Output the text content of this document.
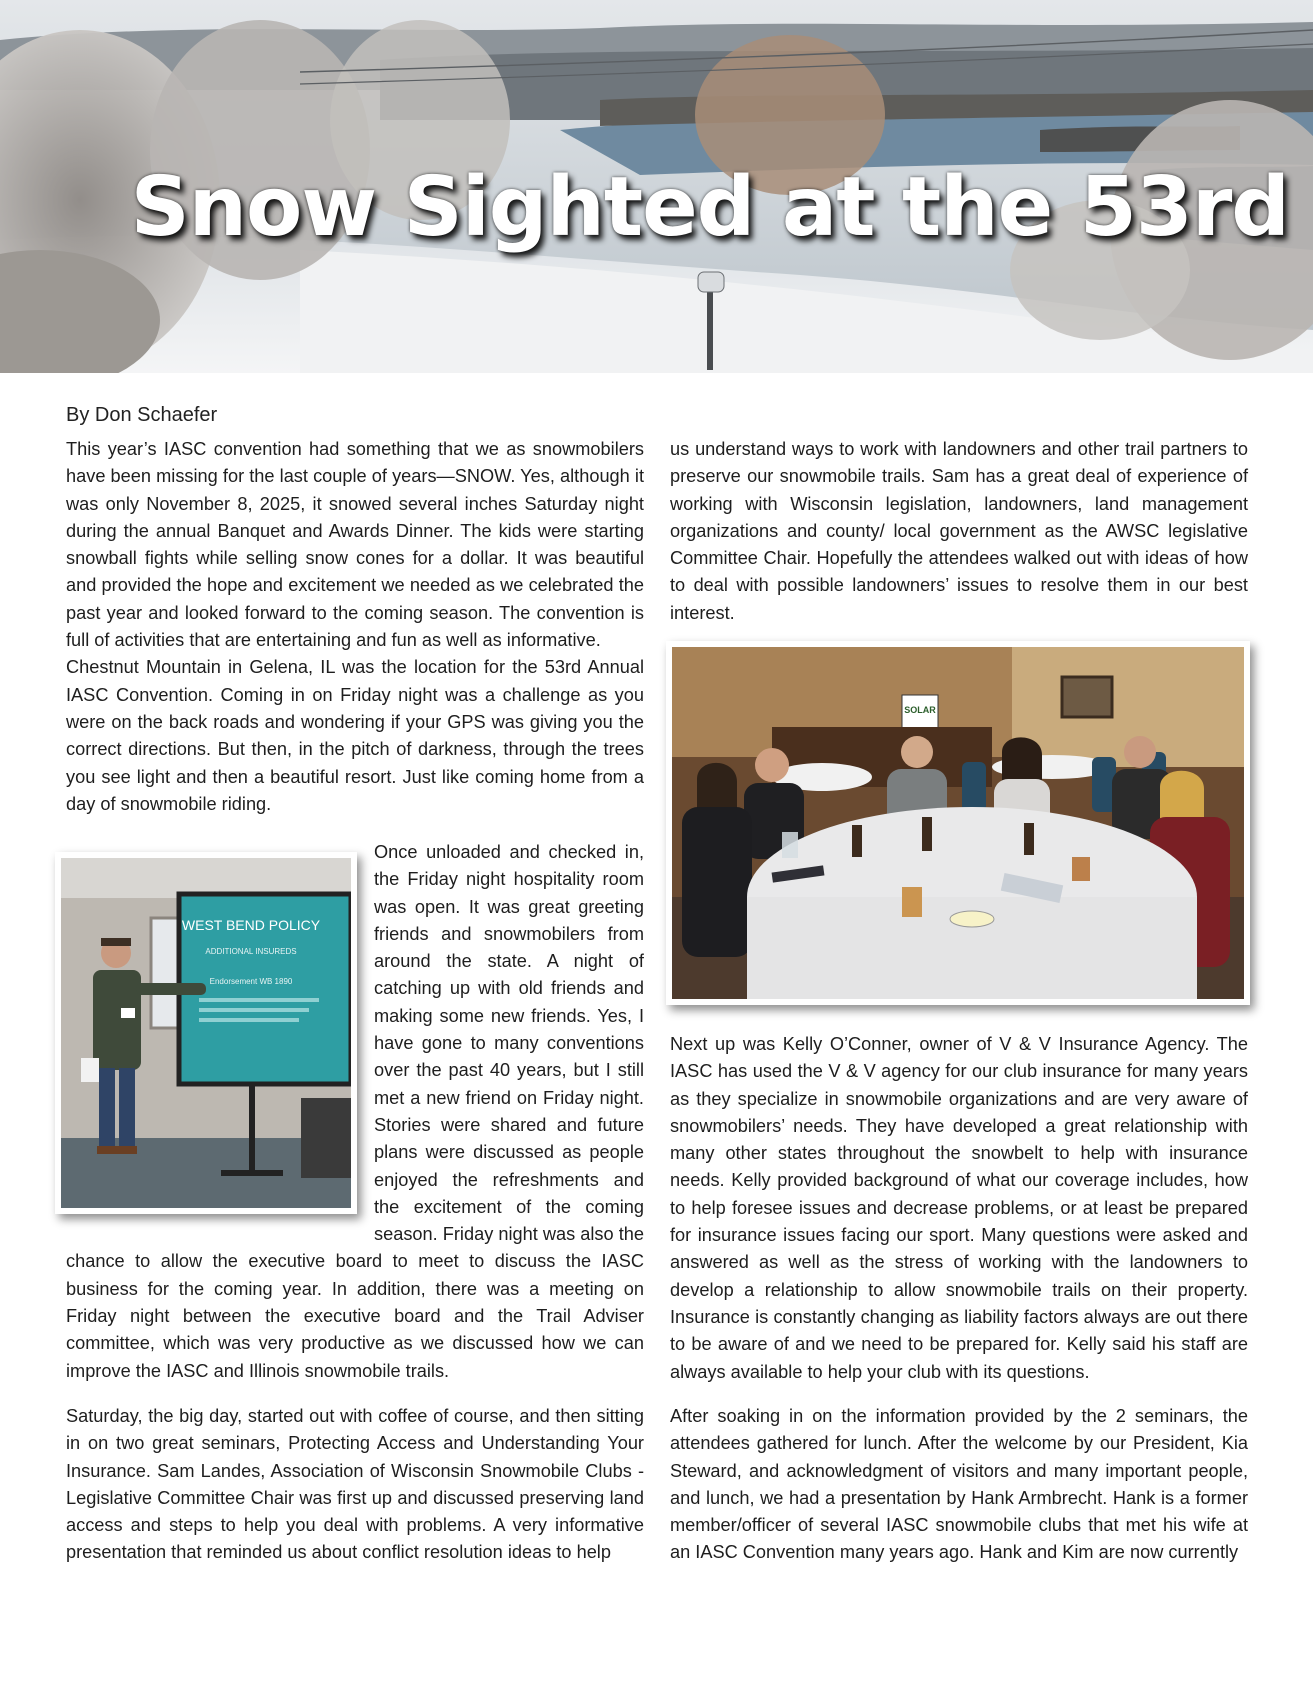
Snow Sighted at the 53rd
By Don Schaefer

This year’s IASC convention had something that we as snowmobilers have been missing for the last couple of years—SNOW. Yes, although it was only November 8, 2025, it snowed several inches Saturday night during the annual Banquet and Awards Dinner. The kids were starting snowball fights while selling snow cones for a dollar. It was beautiful and provided the hope and excitement we needed as we celebrated the past year and looked forward to the coming season. The convention is full of activities that are entertaining and fun as well as informative.

Chestnut Mountain in Gelena, IL was the location for the 53rd Annual IASC Convention. Coming in on Friday night was a challenge as you were on the back roads and wondering if your GPS was giving you the correct directions. But then, in the pitch of darkness, through the trees you see light and then a beautiful resort. Just like coming home from a day of snowmobile riding.

Once unloaded and checked in, the Friday night hospitality room was open. It was great greeting friends and snowmobilers from around the state. A night of catching up with old friends and making some new friends. Yes, I have gone to many conventions over the past 40 years, but I still met a new friend on Friday night. Stories were shared and future plans were discussed as people enjoyed the refreshments and the excitement of the coming season. Friday night was also the chance to allow the executive board to meet to discuss the IASC business for the coming year. In addition, there was a meeting on Friday night between the executive board and the Trail Adviser committee, which was very productive as we discussed how we can improve the IASC and Illinois snowmobile trails.

Saturday, the big day, started out with coffee of course, and then sitting in on two great seminars, Protecting Access and Understanding Your Insurance. Sam Landes, Association of Wisconsin Snowmobile Clubs - Legislative Committee Chair was first up and discussed preserving land access and steps to help you deal with problems. A very informative presentation that reminded us about conflict resolution ideas to help

us understand ways to work with landowners and other trail partners to preserve our snowmobile trails. Sam has a great deal of experience of working with Wisconsin legislation, landowners, land management organizations and county/ local government as the AWSC legislative Committee Chair. Hopefully the attendees walked out with ideas of how to deal with possible landowners’ issues to resolve them in our best interest.

Next up was Kelly O’Conner, owner of V & V Insurance Agency. The IASC has used the V & V agency for our club insurance for many years as they specialize in snowmobile organizations and are very aware of snowmobilers’ needs. They have developed a great relationship with many other states throughout the snowbelt to help with insurance needs. Kelly provided background of what our coverage includes, how to help foresee issues and decrease problems, or at least be prepared for insurance issues facing our sport. Many questions were asked and answered as well as the stress of working with the landowners to develop a relationship to allow snowmobile trails on their property. Insurance is constantly changing as liability factors always are out there to be aware of and we need to be prepared for. Kelly said his staff are always available to help your club with its questions.

After soaking in on the information provided by the 2 seminars, the attendees gathered for lunch. After the welcome by our President, Kia Steward, and acknowledgment of visitors and many important people, and lunch, we had a presentation by Hank Armbrecht. Hank is a former member/officer of several IASC snowmobile clubs that met his wife at an IASC Convention many years ago. Hank and Kim are now currently

WEST BEND POLICY
ADDITIONAL INSUREDS
Endorsement WB 1890
SOLAR
